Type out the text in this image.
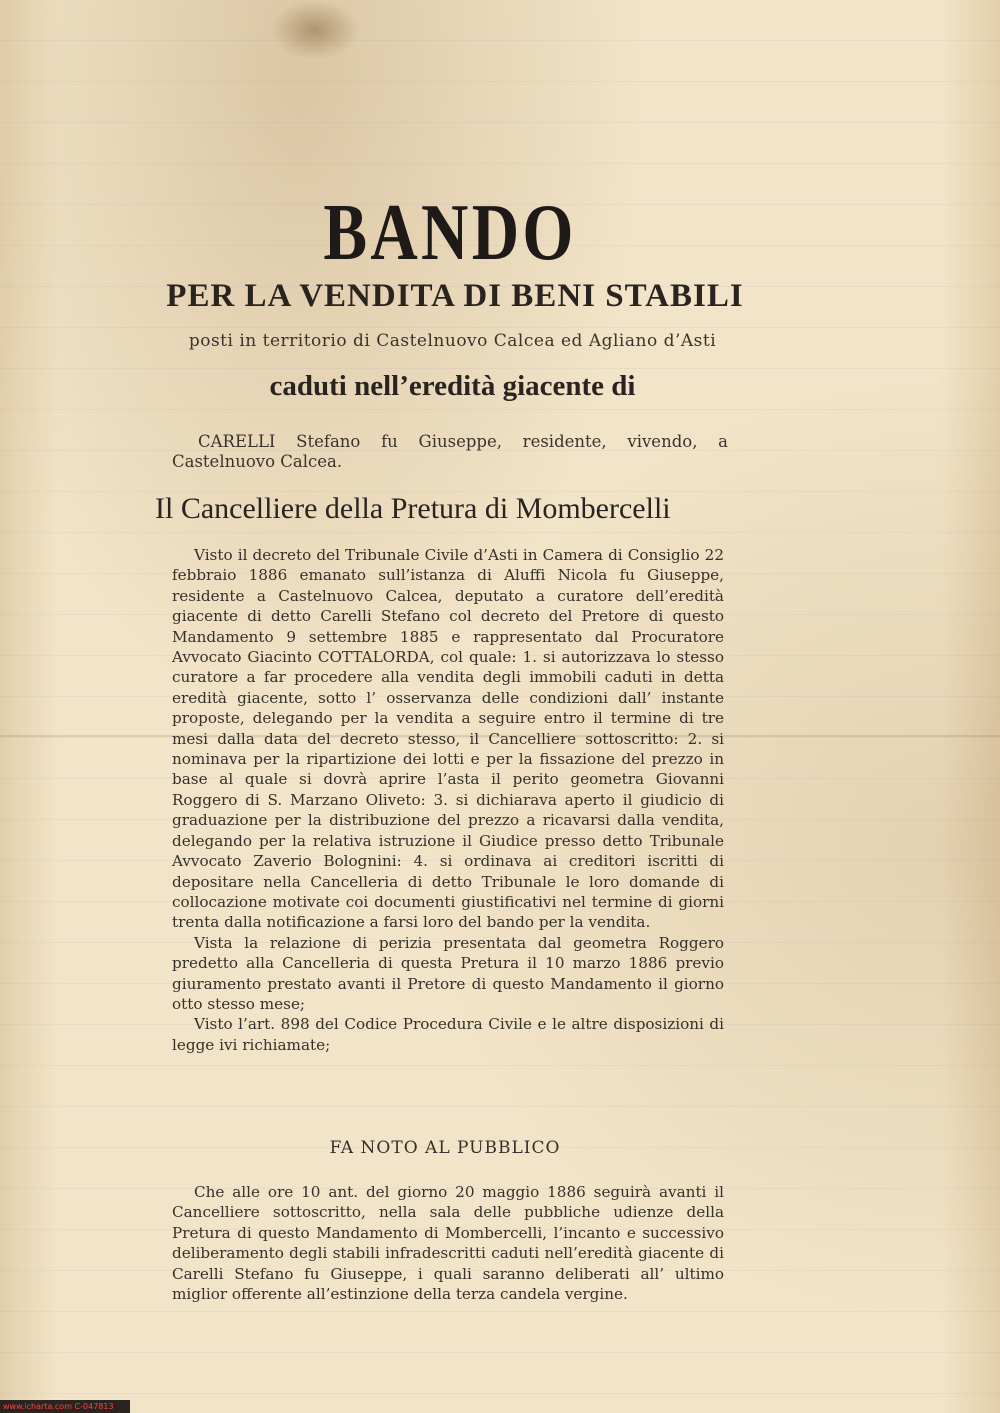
BANDO
PER LA VENDITA DI BENI STABILI
posti in territorio di Castelnuovo Calcea ed Agliano d’Asti
caduti nell’eredità giacente di
CARELLI Stefano fu Giuseppe, residente, vivendo, a Castelnuovo Calcea.
Il Cancelliere della Pretura di Mombercelli

Visto il decreto del Tribunale Civile d’Asti in Camera di Consiglio 22 febbraio 1886 emanato sull’istanza di Aluffi Nicola fu Giuseppe, residente a Castelnuovo Calcea, deputato a curatore dell’eredità giacente di detto Carelli Stefano col decreto del Pretore di questo Mandamento 9 settembre 1885 e rappresentato dal Procuratore Avvocato Giacinto COTTALORDA, col quale: 1. si autorizzava lo stesso curatore a far procedere alla vendita degli immobili caduti in detta eredità giacente, sotto l’ osservanza delle condizioni dall’ instante proposte, delegando per la vendita a seguire entro il termine di tre mesi dalla data del decreto stesso, il Cancelliere sottoscritto: 2. si nominava per la ripartizione dei lotti e per la fissazione del prezzo in base al quale si dovrà aprire l’asta il perito geometra Giovanni Roggero di S. Marzano Oliveto: 3. si dichiarava aperto il giudicio di graduazione per la distribuzione del prezzo a ricavarsi dalla vendita, delegando per la relativa istruzione il Giudice presso detto Tribunale Avvocato Zaverio Bolognini: 4. si ordinava ai creditori iscritti di depositare nella Cancelleria di detto Tribunale le loro domande di collocazione motivate coi documenti giustificativi nel termine di giorni trenta dalla notificazione a farsi loro del bando per la vendita.

Vista la relazione di perizia presentata dal geometra Roggero predetto alla Cancelleria di questa Pretura il 10 marzo 1886 previo giuramento prestato avanti il Pretore di questo Mandamento il giorno otto stesso mese;

Visto l’art. 898 del Codice Procedura Civile e le altre disposizioni di legge ivi richiamate;

FA NOTO AL PUBBLICO

Che alle ore 10 ant. del giorno 20 maggio 1886 seguirà avanti il Cancelliere sottoscritto, nella sala delle pubbliche udienze della Pretura di questo Mandamento di Mombercelli, l’incanto e successivo deliberamento degli stabili infradescritti caduti nell’eredità giacente di Carelli Stefano fu Giuseppe, i quali saranno deliberati all’ ultimo miglior offerente all’estinzione della terza candela vergine.

www.icharta.com C-047813
